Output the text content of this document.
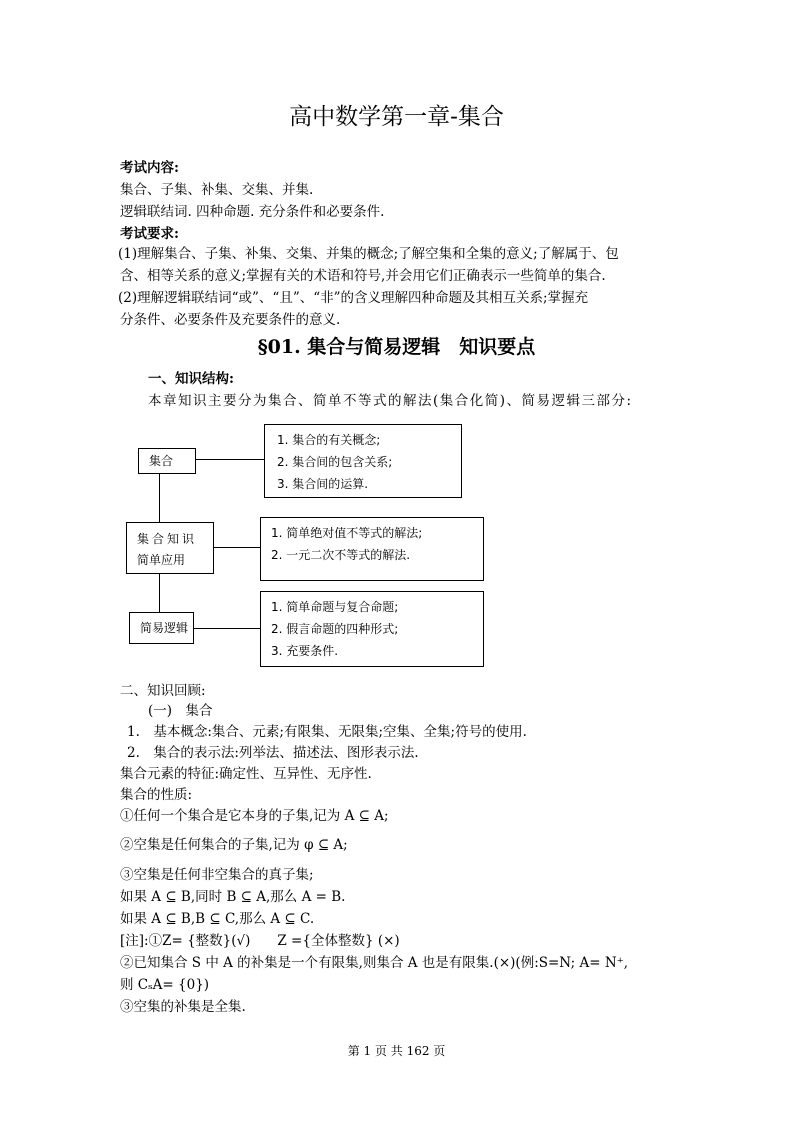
高中数学第一章-集合
考试内容:
集合、子集、补集、交集、并集.
逻辑联结词. 四种命题. 充分条件和必要条件.
考试要求:
(1)理解集合、子集、补集、交集、并集的概念;了解空集和全集的意义;了解属于、包
含、相等关系的意义;掌握有关的术语和符号,并会用它们正确表示一些简单的集合.
(2)理解逻辑联结词“或”、“且”、“非”的含义理解四种命题及其相互关系;掌握充
分条件、必要条件及充要条件的意义.
§01. 集合与简易逻辑　知识要点
一、知识结构:
本章知识主要分为集合、简单不等式的解法(集合化简)、简易逻辑三部分:
集合
1. 集合的有关概念;
2. 集合间的包含关系;
3. 集合间的运算.
集合知识
简单应用
1. 简单绝对值不等式的解法;
2. 一元二次不等式的解法.
简易逻辑
1. 简单命题与复合命题;
2. 假言命题的四种形式;
3. 充要条件.
二、知识回顾:
(一)　集合
1.　基本概念:集合、元素;有限集、无限集;空集、全集;符号的使用.
2.　集合的表示法:列举法、描述法、图形表示法.
集合元素的特征:确定性、互异性、无序性.
集合的性质:
①任何一个集合是它本身的子集,记为 A ⊆ A;
②空集是任何集合的子集,记为 φ ⊆ A;
③空集是任何非空集合的真子集;
如果 A ⊆ B,同时 B ⊆ A,那么 A = B.
如果 A ⊆ B,B ⊆ C,那么 A ⊆ C.
[注]:①Z= {整数}(√)　　Z ={全体整数} (×)
②已知集合 S 中 A 的补集是一个有限集,则集合 A 也是有限集.(×)(例:S=N; A= N⁺,
则 CₛA= {0})
③空集的补集是全集.
第 1 页 共 162 页
